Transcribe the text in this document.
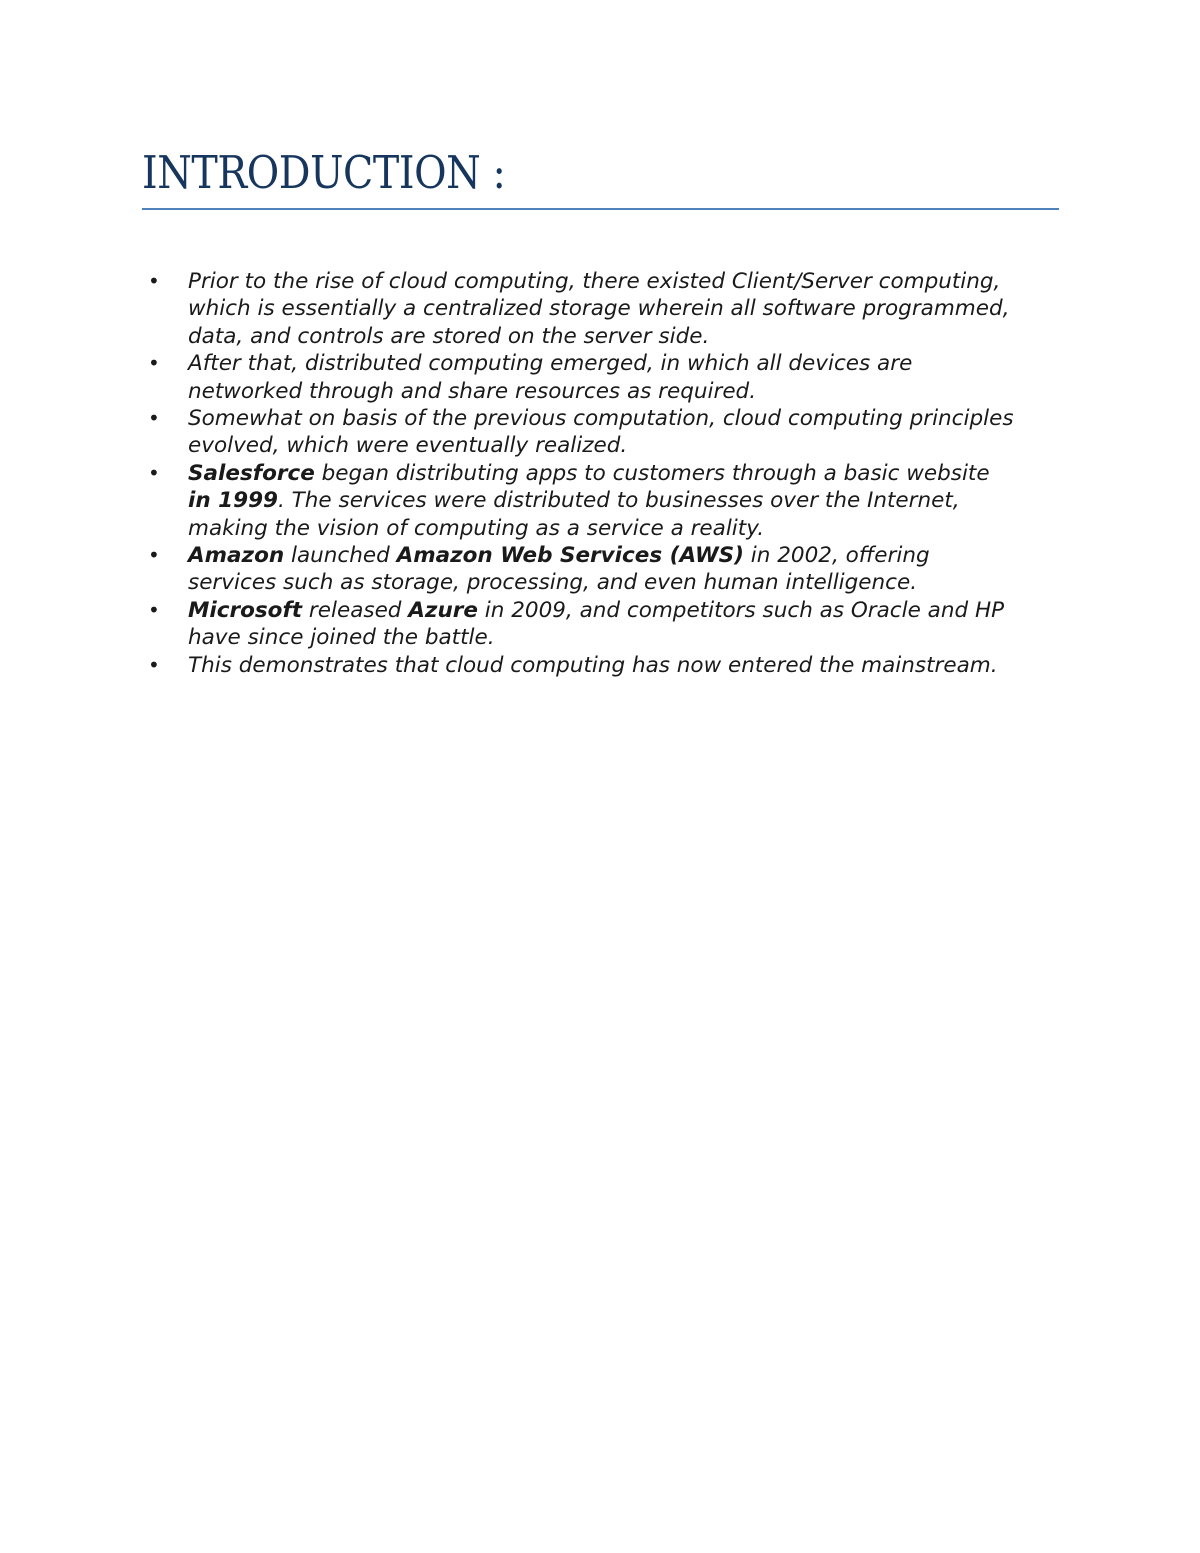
INTRODUCTION :
• Prior to the rise of cloud computing, there existed Client/Server computing, which is essentially a centralized storage wherein all software programmed, data, and controls are stored on the server side.
• After that, distributed computing emerged, in which all devices are networked through and share resources as required.
• Somewhat on basis of the previous computation, cloud computing principles evolved, which were eventually realized.
• Salesforce began distributing apps to customers through a basic website in 1999. The services were distributed to businesses over the Internet, making the vision of computing as a service a reality.
• Amazon launched Amazon Web Services (AWS) in 2002, offering services such as storage, processing, and even human intelligence.
• Microsoft released Azure in 2009, and competitors such as Oracle and HP have since joined the battle.
• This demonstrates that cloud computing has now entered the mainstream.
